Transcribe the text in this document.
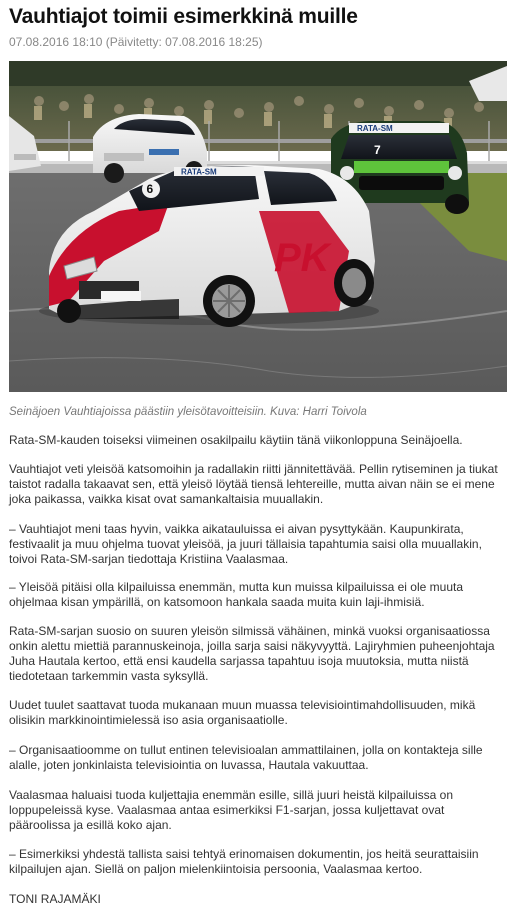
Vauhtiajot toimii esimerkkinä muille
07.08.2016 18:10 (Päivitetty: 07.08.2016 18:25)
RATA-SM
7
RATA-SM
6
PK
Seinäjoen Vauhtiajoissa päästiin yleisötavoitteisiin. Kuva: Harri Toivola

Rata-SM-kauden toiseksi viimeinen osakilpailu käytiin tänä viikonloppuna Seinäjoella.

Vauhtiajot veti yleisöä katsomoihin ja radallakin riitti jännitettävää. Pellin rytiseminen ja tiukat taistot radalla takaavat sen, että yleisö löytää tiensä lehtereille, mutta aivan näin se ei mene joka paikassa, vaikka kisat ovat samankaltaisia muuallakin.

– Vauhtiajot meni taas hyvin, vaikka aikatauluissa ei aivan pysyttykään. Kaupunkirata, festivaalit ja muu ohjelma tuovat yleisöä, ja juuri tällaisia tapahtumia saisi olla muuallakin, toivoi Rata-SM-sarjan tiedottaja Kristiina Vaalasmaa.

– Yleisöä pitäisi olla kilpailuissa enemmän, mutta kun muissa kilpailuissa ei ole muuta ohjelmaa kisan ympärillä, on katsomoon hankala saada muita kuin laji-ihmisiä.

Rata-SM-sarjan suosio on suuren yleisön silmissä vähäinen, minkä vuoksi organisaatiossa onkin alettu miettiä parannuskeinoja, joilla sarja saisi näkyvyyttä. Lajiryhmien puheenjohtaja Juha Hautala kertoo, että ensi kaudella sarjassa tapahtuu isoja muutoksia, mutta niistä tiedotetaan tarkemmin vasta syksyllä.

Uudet tuulet saattavat tuoda mukanaan muun muassa televisiointimahdollisuuden, mikä olisikin markkinointimielessä iso asia organisaatiolle.

– Organisaatioomme on tullut entinen televisioalan ammattilainen, jolla on kontakteja sille alalle, joten jonkinlaista televisiointia on luvassa, Hautala vakuuttaa.

Vaalasmaa haluaisi tuoda kuljettajia enemmän esille, sillä juuri heistä kilpailuissa on loppupeleissä kyse. Vaalasmaa antaa esimerkiksi F1-sarjan, jossa kuljettavat ovat pääroolissa ja esillä koko ajan.

– Esimerkiksi yhdestä tallista saisi tehtyä erinomaisen dokumentin, jos heitä seurattaisiin kilpailujen ajan. Siellä on paljon mielenkiintoisia persoonia, Vaalasmaa kertoo.

TONI RAJAMÄKI
